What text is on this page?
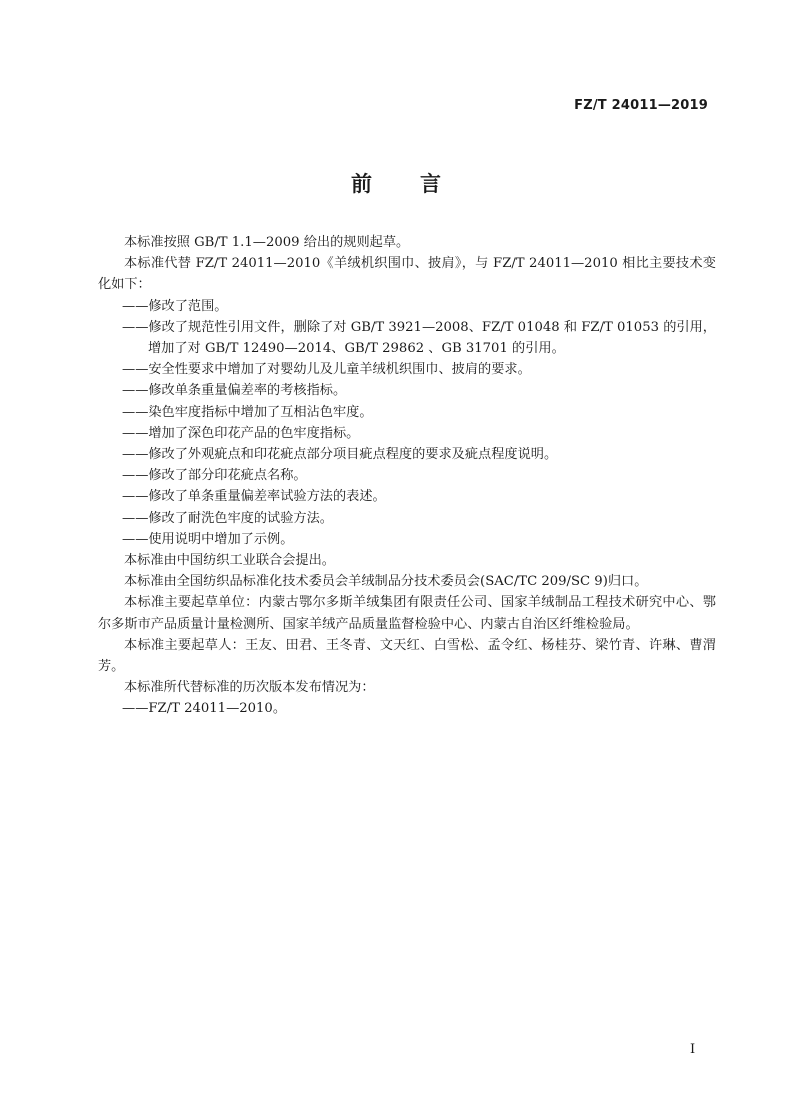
FZ/T 24011—2019
前言

本标准按照 GB/T 1.1—2009 给出的规则起草。

本标准代替 FZ/T 24011—2010《羊绒机织围巾、披肩》，与 FZ/T 24011—2010 相比主要技术变化如下：

——修改了范围。

——修改了规范性引用文件，删除了对 GB/T 3921—2008、FZ/T 01048 和 FZ/T 01053 的引用，增加了对 GB/T 12490—2014、GB/T 29862 、GB 31701 的引用。

——安全性要求中增加了对婴幼儿及儿童羊绒机织围巾、披肩的要求。

——修改单条重量偏差率的考核指标。

——染色牢度指标中增加了互相沾色牢度。

——增加了深色印花产品的色牢度指标。

——修改了外观疵点和印花疵点部分项目疵点程度的要求及疵点程度说明。

——修改了部分印花疵点名称。

——修改了单条重量偏差率试验方法的表述。

——修改了耐洗色牢度的试验方法。

——使用说明中增加了示例。

本标准由中国纺织工业联合会提出。

本标准由全国纺织品标准化技术委员会羊绒制品分技术委员会(SAC/TC 209/SC 9)归口。

本标准主要起草单位：内蒙古鄂尔多斯羊绒集团有限责任公司、国家羊绒制品工程技术研究中心、鄂尔多斯市产品质量计量检测所、国家羊绒产品质量监督检验中心、内蒙古自治区纤维检验局。

本标准主要起草人：王友、田君、王冬青、文天红、白雪松、孟令红、杨桂芬、梁竹青、许琳、曹渭芳。

本标准所代替标准的历次版本发布情况为：

——FZ/T 24011—2010。

I
